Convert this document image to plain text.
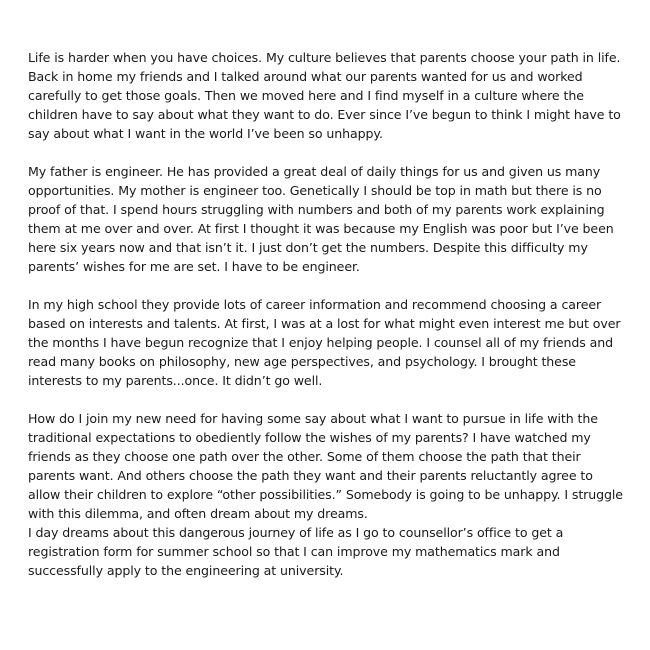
Life is harder when you have choices. My culture believes that parents choose your path in life. Back in home my friends and I talked around what our parents wanted for us and worked carefully to get those goals. Then we moved here and I find myself in a culture where the children have to say about what they want to do. Ever since I’ve begun to think I might have to say about what I want in the world I’ve been so unhappy.

My father is engineer. He has provided a great deal of daily things for us and given us many opportunities. My mother is engineer too. Genetically I should be top in math but there is no proof of that. I spend hours struggling with numbers and both of my parents work explaining them at me over and over. At first I thought it was because my English was poor but I’ve been here six years now and that isn’t it. I just don’t get the numbers. Despite this difficulty my parents’ wishes for me are set. I have to be engineer.

In my high school they provide lots of career information and recommend choosing a career based on interests and talents. At first, I was at a lost for what might even interest me but over the months I have begun recognize that I enjoy helping people. I counsel all of my friends and read many books on philosophy, new age perspectives, and psychology. I brought these interests to my parents...once. It didn’t go well.

How do I join my new need for having some say about what I want to pursue in life with the traditional expectations to obediently follow the wishes of my parents? I have watched my friends as they choose one path over the other. Some of them choose the path that their parents want. And others choose the path they want and their parents reluctantly agree to allow their children to explore “other possibilities.” Somebody is going to be unhappy. I struggle with this dilemma, and often dream about my dreams.

I day dreams about this dangerous journey of life as I go to counsellor’s office to get a registration form for summer school so that I can improve my mathematics mark and successfully apply to the engineering at university.
